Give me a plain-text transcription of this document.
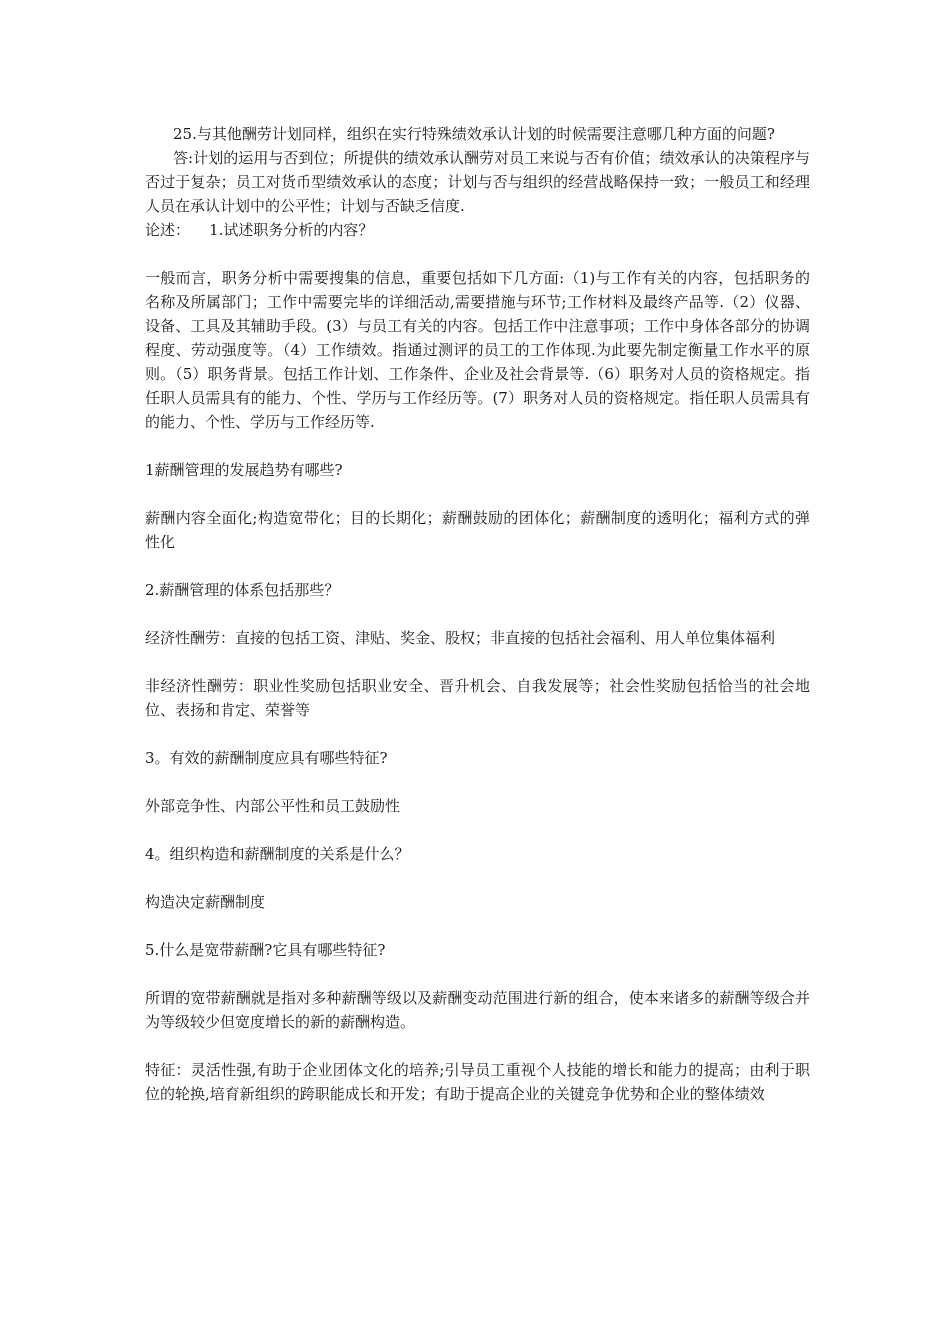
25.与其他酬劳计划同样，组织在实行特殊绩效承认计划的时候需要注意哪几种方面的问题?

答:计划的运用与否到位；所提供的绩效承认酬劳对员工来说与否有价值；绩效承认的决策程序与否过于复杂；员工对货币型绩效承认的态度；计划与否与组织的经营战略保持一致；一般员工和经理人员在承认计划中的公平性；计划与否缺乏信度.

论述：    1.试述职务分析的内容？

一般而言，职务分析中需要搜集的信息，重要包括如下几方面:（1)与工作有关的内容，包括职务的名称及所属部门；工作中需要完毕的详细活动,需要措施与环节;工作材料及最终产品等.（2）仪器、设备、工具及其辅助手段。(3）与员工有关的内容。包括工作中注意事项；工作中身体各部分的协调程度、劳动强度等。（4）工作绩效。指通过测评的员工的工作体现.为此要先制定衡量工作水平的原则。（5）职务背景。包括工作计划、工作条件、企业及社会背景等.（6）职务对人员的资格规定。指任职人员需具有的能力、个性、学历与工作经历等。(7）职务对人员的资格规定。指任职人员需具有的能力、个性、学历与工作经历等.

1薪酬管理的发展趋势有哪些?

薪酬内容全面化;构造宽带化；目的长期化；薪酬鼓励的团体化；薪酬制度的透明化；福利方式的弹性化

2.薪酬管理的体系包括那些？

经济性酬劳：直接的包括工资、津贴、奖金、股权；非直接的包括社会福利、用人单位集体福利

非经济性酬劳：职业性奖励包括职业安全、晋升机会、自我发展等；社会性奖励包括恰当的社会地位、表扬和肯定、荣誉等

3。有效的薪酬制度应具有哪些特征?

外部竞争性、内部公平性和员工鼓励性

4。组织构造和薪酬制度的关系是什么？

构造决定薪酬制度

5.什么是宽带薪酬?它具有哪些特征?

所谓的宽带薪酬就是指对多种薪酬等级以及薪酬变动范围进行新的组合，使本来诸多的薪酬等级合并为等级较少但宽度增长的新的薪酬构造。

特征：灵活性强,有助于企业团体文化的培养;引导员工重视个人技能的增长和能力的提高；由利于职位的轮换,培育新组织的跨职能成长和开发；有助于提高企业的关键竞争优势和企业的整体绩效
